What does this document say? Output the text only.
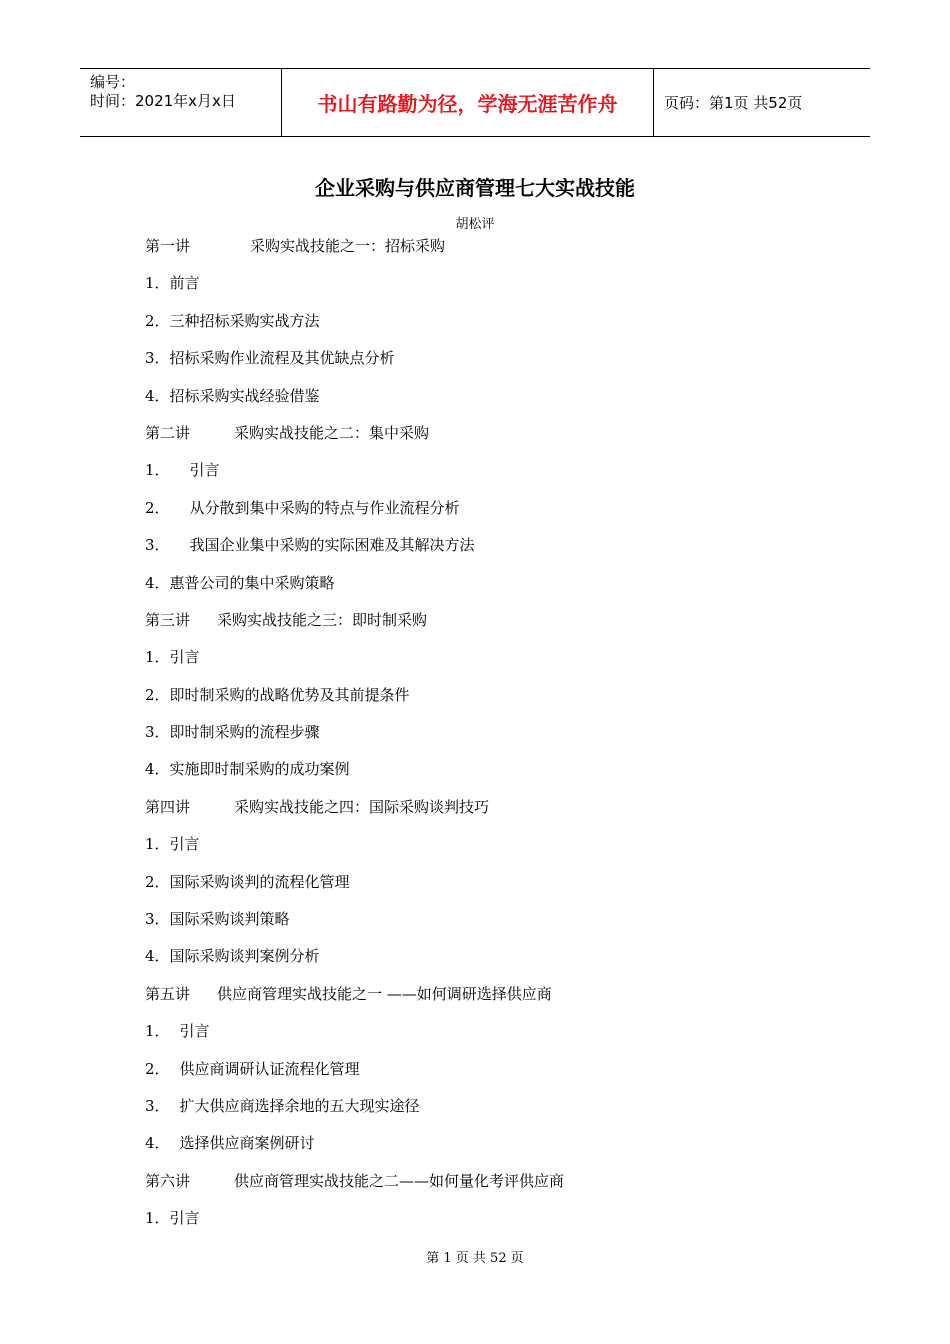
编号：
时间：2021年x月x日	书山有路勤为径，学海无涯苦作舟	页码：第1页 共52页
企业采购与供应商管理七大实战技能
胡松评
第一讲	采购实战技能之一：招标采购
1．前言
2．三种招标采购实战方法
3．招标采购作业流程及其优缺点分析
4．招标采购实战经验借鉴
第二讲	采购实战技能之二：集中采购
1． 引言
2． 从分散到集中采购的特点与作业流程分析
3． 我国企业集中采购的实际困难及其解决方法
4．惠普公司的集中采购策略
第三讲 采购实战技能之三：即时制采购
1．引言
2．即时制采购的战略优势及其前提条件
3．即时制采购的流程步骤
4．实施即时制采购的成功案例
第四讲	采购实战技能之四：国际采购谈判技巧
1．引言
2．国际采购谈判的流程化管理
3．国际采购谈判策略
4．国际采购谈判案例分析
第五讲 供应商管理实战技能之一 ——如何调研选择供应商
1． 引言
2． 供应商调研认证流程化管理
3． 扩大供应商选择余地的五大现实途径
4． 选择供应商案例研讨
第六讲	供应商管理实战技能之二——如何量化考评供应商
1．引言
第 1 页 共 52 页
